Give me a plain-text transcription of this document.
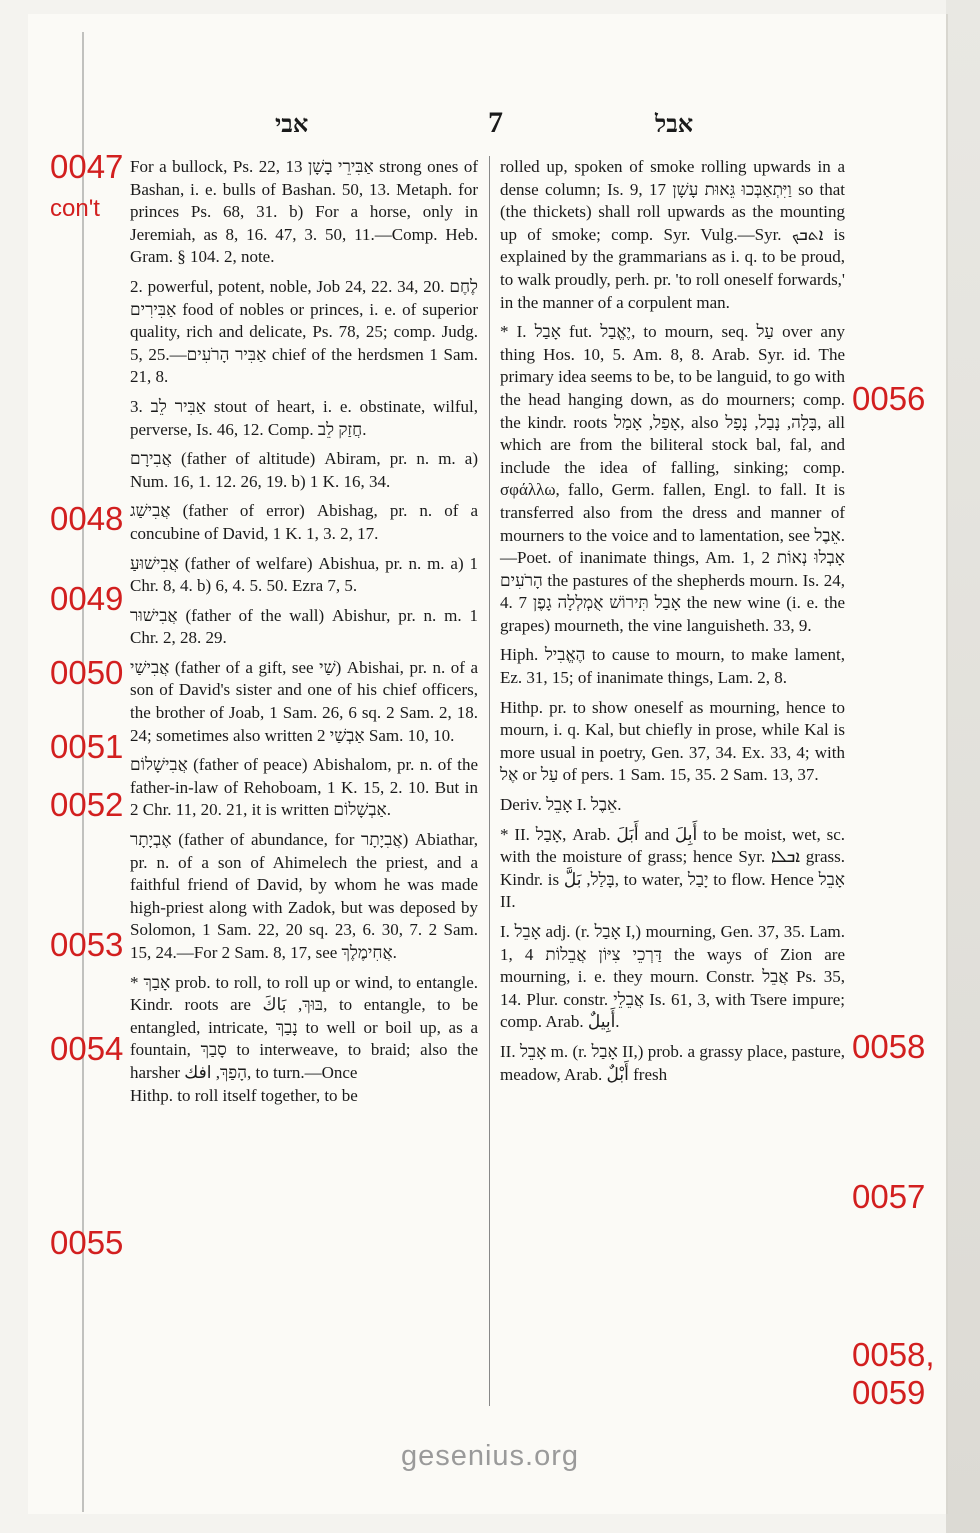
אבי	7	אבל

For a bullock, Ps. 22, 13 אַבִּירֵי בָשָׁן strong ones of Bashan, i. e. bulls of Bashan. 50, 13. Metaph. for princes Ps. 68, 31. b) For a horse, only in Jeremiah, as 8, 16. 47, 3. 50, 11.—Comp. Heb. Gram. § 104. 2, note.

2. powerful, potent, noble, Job 24, 22. 34, 20. לֶחֶם אַבִּירִים food of nobles or princes, i. e. of superior quality, rich and delicate, Ps. 78, 25; comp. Judg. 5, 25.—אַבִּיר הָרֹעִים chief of the herdsmen 1 Sam. 21, 8.

3. אַבִּיר לֵב stout of heart, i. e. obstinate, wilful, perverse, Is. 46, 12. Comp. חֲזַק לֵב.

אֲבִירָם (father of altitude) Abiram, pr. n. m. a) Num. 16, 1. 12. 26, 19. b) 1 K. 16, 34.

אֲבִישַׁג (father of error) Abishag, pr. n. of a concubine of David, 1 K. 1, 3. 2, 17.

אֲבִישׁוּעַ (father of welfare) Abishua, pr. n. m. a) 1 Chr. 8, 4. b) 6, 4. 5. 50. Ezra 7, 5.

אֲבִישׁוּר (father of the wall) Abishur, pr. n. m. 1 Chr. 2, 28. 29.

אֲבִישַׁי (father of a gift, see שַׁי) Abishai, pr. n. of a son of David's sister and one of his chief officers, the brother of Joab, 1 Sam. 26, 6 sq. 2 Sam. 2, 18. 24; sometimes also written אַבְשַׁי 2 Sam. 10, 10.

אֲבִישָׁלוֹם (father of peace) Abishalom, pr. n. of the father-in-law of Rehoboam, 1 K. 15, 2. 10. But in 2 Chr. 11, 20. 21, it is written אַבְשָׁלוֹם.

אֶבְיָתָר (father of abundance, for אֲבִיָתָר) Abiathar, pr. n. of a son of Ahimelech the priest, and a faithful friend of David, by whom he was made high-priest along with Zadok, but was deposed by Solomon, 1 Sam. 22, 20 sq. 23, 6. 30, 7. 2 Sam. 15, 24.—For 2 Sam. 8, 17, see אֲחִימֶלֶךְ.

* אָבַךְ prob. to roll, to roll up or wind, to entangle. Kindr. roots are בּוּךְ, بَاكَ, to entangle, to be entangled, intricate, נָבַךְ to well or boil up, as a fountain, סָבַךְ to interweave, to braid; also the harsher הָפַךְ, افك, to turn.—Once

Hithp. to roll itself together, to be

rolled up, spoken of smoke rolling upwards in a dense column; Is. 9, 17 וַיִּתְאַבְּכוּ גֵּאוּת עָשָׁן so that (the thickets) shall roll upwards as the mounting up of smoke; comp. Syr. Vulg.—Syr. ܐܬܒܟ is explained by the grammarians as i. q. to be proud, to walk proudly, perh. pr. 'to roll oneself forwards,' in the manner of a corpulent man.

* I. אָבַל fut. יֶאֱבַל, to mourn, seq. עַל over any thing Hos. 10, 5. Am. 8, 8. Arab. Syr. id. The primary idea seems to be, to be languid, to go with the head hanging down, as do mourners; comp. the kindr. roots אָפַל, אָמַל, also בָּלָה, נָבַל, נָפַל, all which are from the biliteral stock bal, fal, and include the idea of falling, sinking; comp. σφάλλω, fallo, Germ. fallen, Engl. to fall. It is transferred also from the dress and manner of mourners to the voice and to lamentation, see אֵבֶל.—Poet. of inanimate things, Am. 1, 2 אָבְלוּ נְאוֹת הָרֹעִים the pastures of the shepherds mourn. Is. 24, 4. 7 אָבַל תִּירוֹשׁ אֻמְלְלָה גָפֶן the new wine (i. e. the grapes) mourneth, the vine languisheth. 33, 9.

Hiph. הֶאֱבִיל to cause to mourn, to make lament, Ez. 31, 15; of inanimate things, Lam. 2, 8.

Hithp. pr. to show oneself as mourning, hence to mourn, i. q. Kal, but chiefly in prose, while Kal is more usual in poetry, Gen. 37, 34. Ex. 33, 4; with אֶל or עַל of pers. 1 Sam. 15, 35. 2 Sam. 13, 37.

Deriv. אָבֵל I. אֵבֶל.

* II. אָבַל, Arab. أَبَلَ and أَبِلَ to be moist, wet, sc. with the moisture of grass; hence Syr. ܐܒܠܐ grass. Kindr. is בָּלַל, بَلَّ, to water, יָבַל to flow. Hence אָבֵל II.

I. אָבֵל adj. (r. אָבַל I,) mourning, Gen. 37, 35. Lam. 1, 4 דַּרְכֵי צִיּוֹן אֲבֵלוֹת the ways of Zion are mourning, i. e. they mourn. Constr. אֲבֵל Ps. 35, 14. Plur. constr. אֲבֵלֵי Is. 61, 3, with Tsere impure; comp. Arab. أَبِيلٌ.

II. אָבֵל m. (r. אָבַל II,) prob. a grassy place, pasture, meadow, Arab. أَبْلٌ fresh

0047
con't
0048
0049
0050
0051
0052
0053
0054
0055
0056
0058
0057
0058,
0059
gesenius.org
